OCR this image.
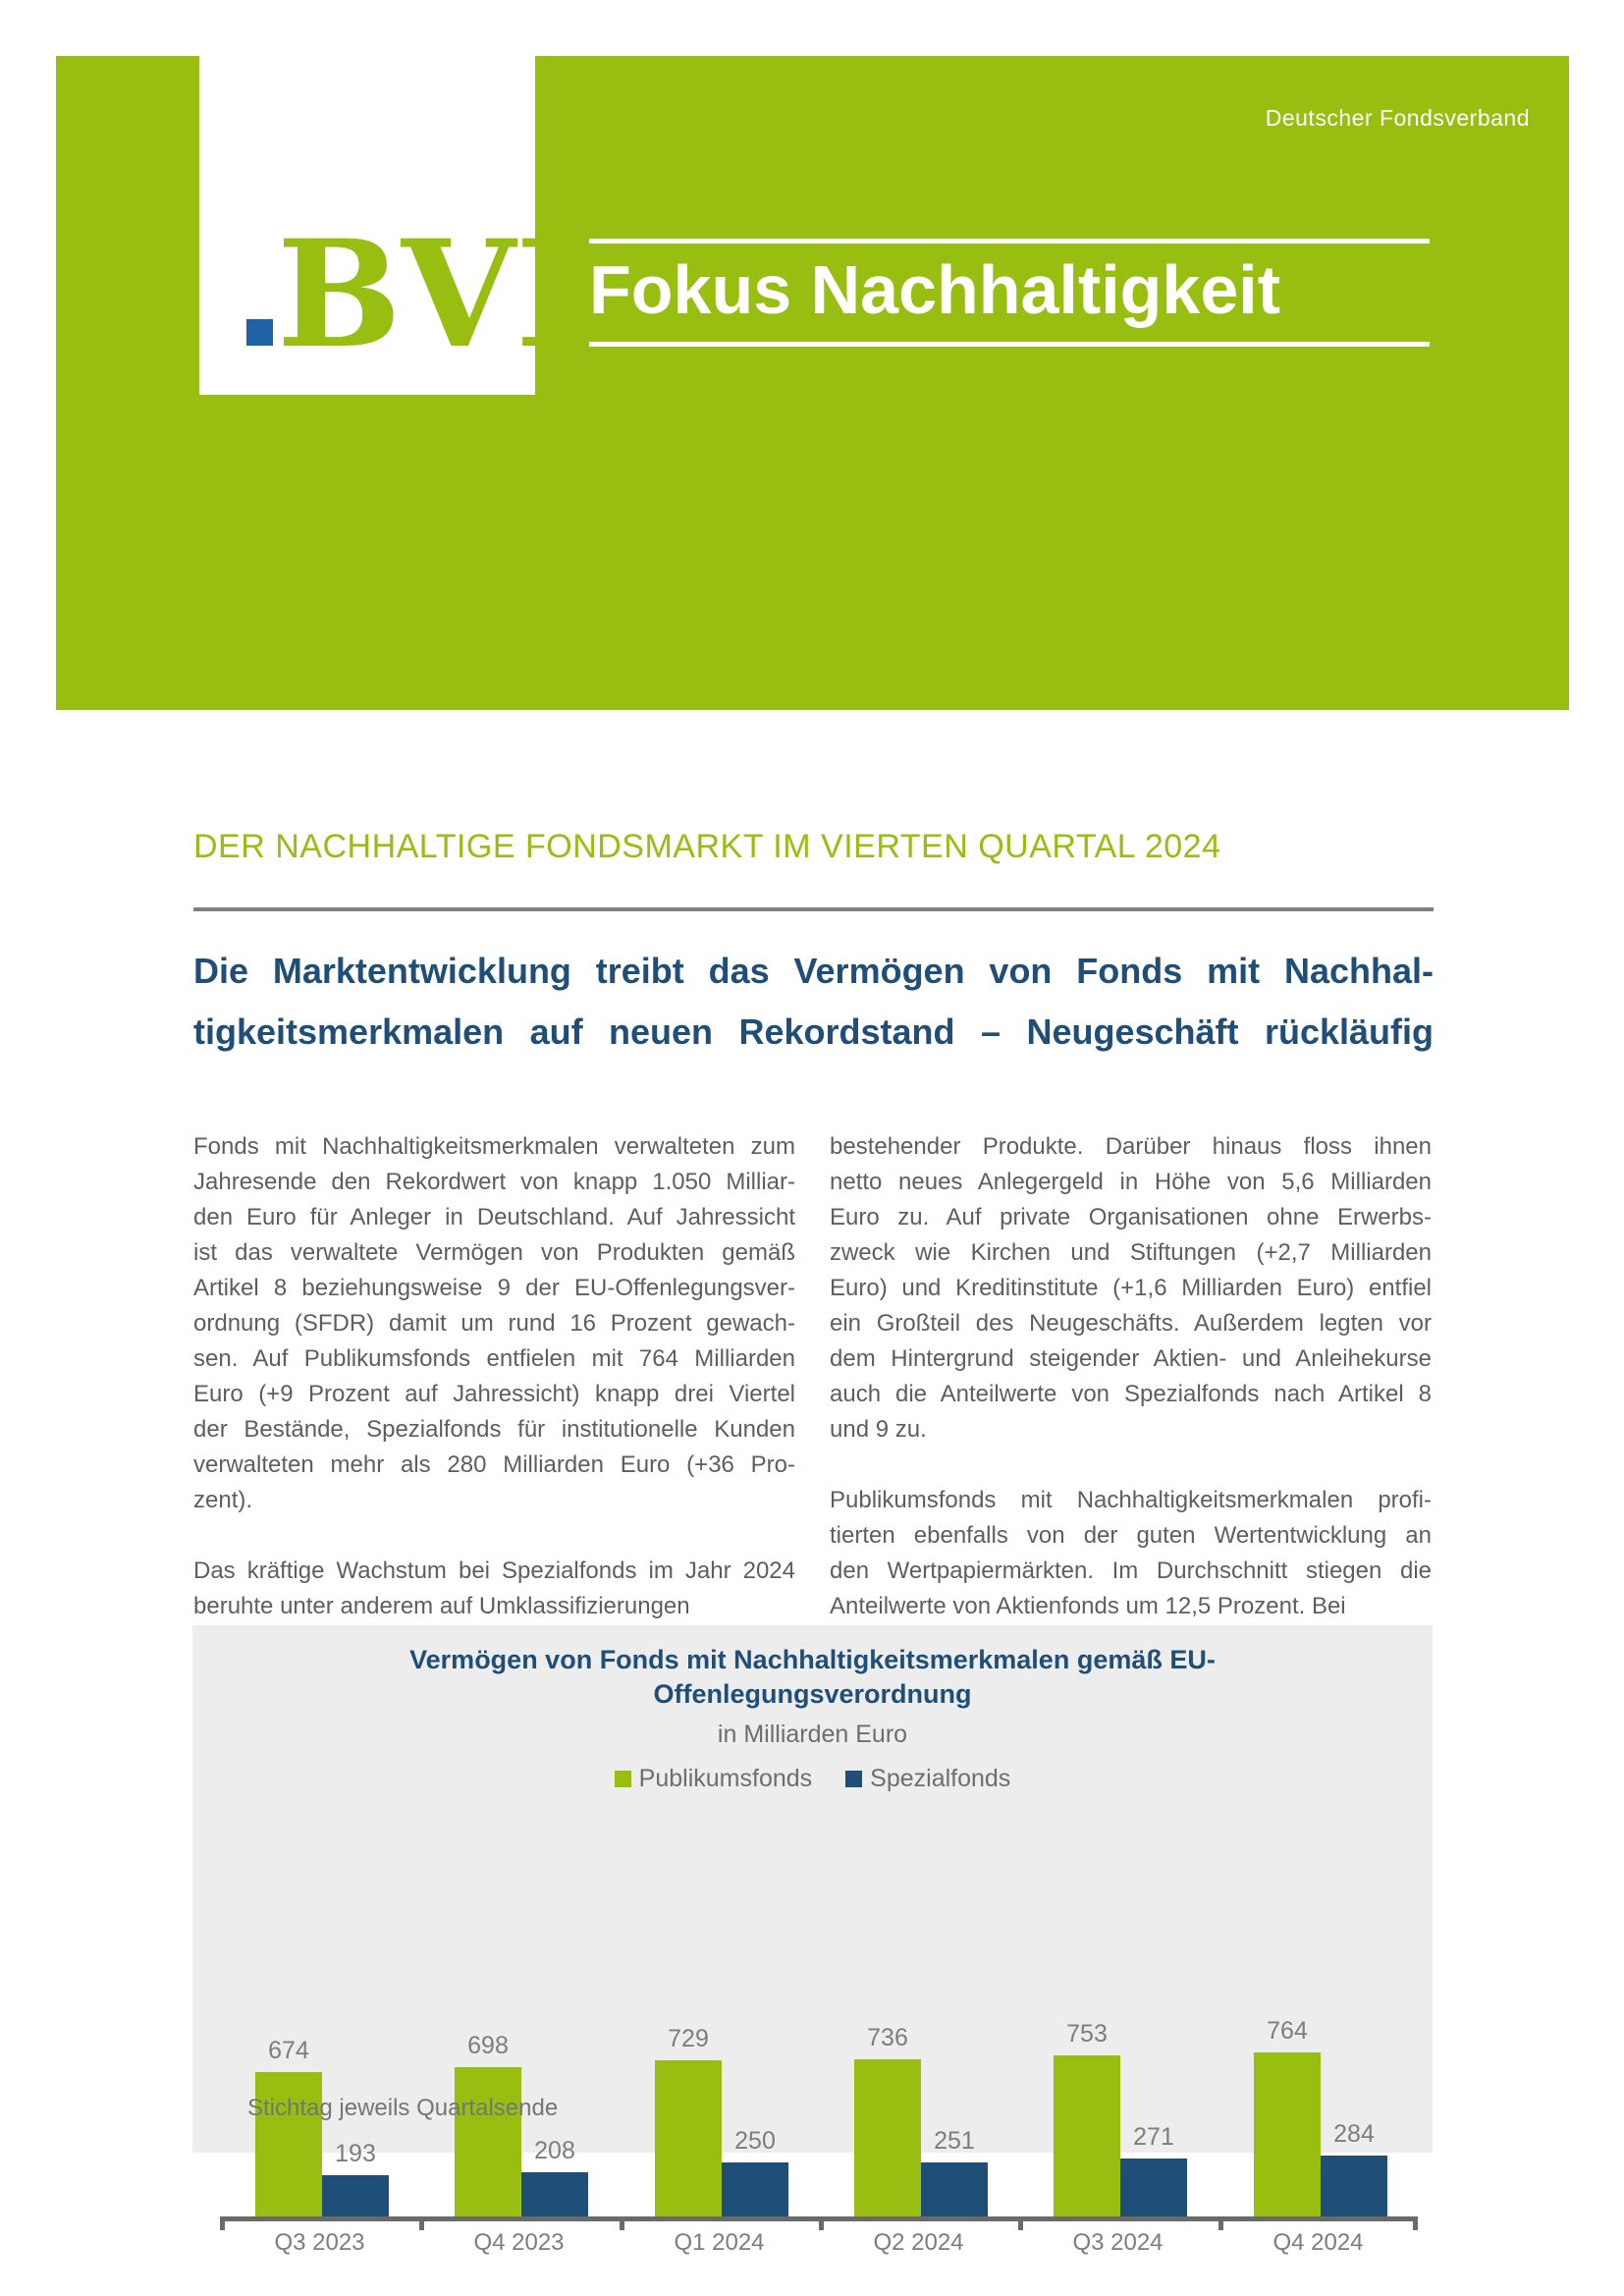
BVI
Deutscher Fondsverband
Fokus Nachhaltigkeit
DER NACHHALTIGE FONDSMARKT IM VIERTEN QUARTAL 2024
Die Marktentwicklung treibt das Vermögen von Fonds mit Nachhal-
tigkeitsmerkmalen auf neuen Rekordstand – Neugeschäft rückläufig
Fonds mit Nachhaltigkeitsmerkmalen verwalteten zum
Jahresende den Rekordwert von knapp 1.050 Milliar-
den Euro für Anleger in Deutschland. Auf Jahressicht
ist das verwaltete Vermögen von Produkten gemäß
Artikel 8 beziehungsweise 9 der EU-Offenlegungsver-
ordnung (SFDR) damit um rund 16 Prozent gewach-
sen. Auf Publikumsfonds entfielen mit 764 Milliarden
Euro (+9 Prozent auf Jahressicht) knapp drei Viertel
der Bestände, Spezialfonds für institutionelle Kunden
verwalteten mehr als 280 Milliarden Euro (+36 Pro-
zent).
Das kräftige Wachstum bei Spezialfonds im Jahr 2024
beruhte unter anderem auf Umklassifizierungen
bestehender Produkte. Darüber hinaus floss ihnen
netto neues Anlegergeld in Höhe von 5,6 Milliarden
Euro zu. Auf private Organisationen ohne Erwerbs-
zweck wie Kirchen und Stiftungen (+2,7 Milliarden
Euro) und Kreditinstitute (+1,6 Milliarden Euro) entfiel
ein Großteil des Neugeschäfts. Außerdem legten vor
dem Hintergrund steigender Aktien- und Anleihekurse
auch die Anteilwerte von Spezialfonds nach Artikel 8
und 9 zu.
Publikumsfonds mit Nachhaltigkeitsmerkmalen profi-
tierten ebenfalls von der guten Wertentwicklung an
den Wertpapiermärkten. Im Durchschnitt stiegen die
Anteilwerte von Aktienfonds um 12,5 Prozent. Bei
Vermögen von Fonds mit Nachhaltigkeitsmerkmalen gemäß EU-
Offenlegungsverordnung
in Milliarden Euro
Publikumsfonds Spezialfonds
674
193
Q3 2023
698
208
Q4 2023
729
250
Q1 2024
736
251
Q2 2024
753
271
Q3 2024
764
284
Q4 2024
Stichtag jeweils Quartalsende
